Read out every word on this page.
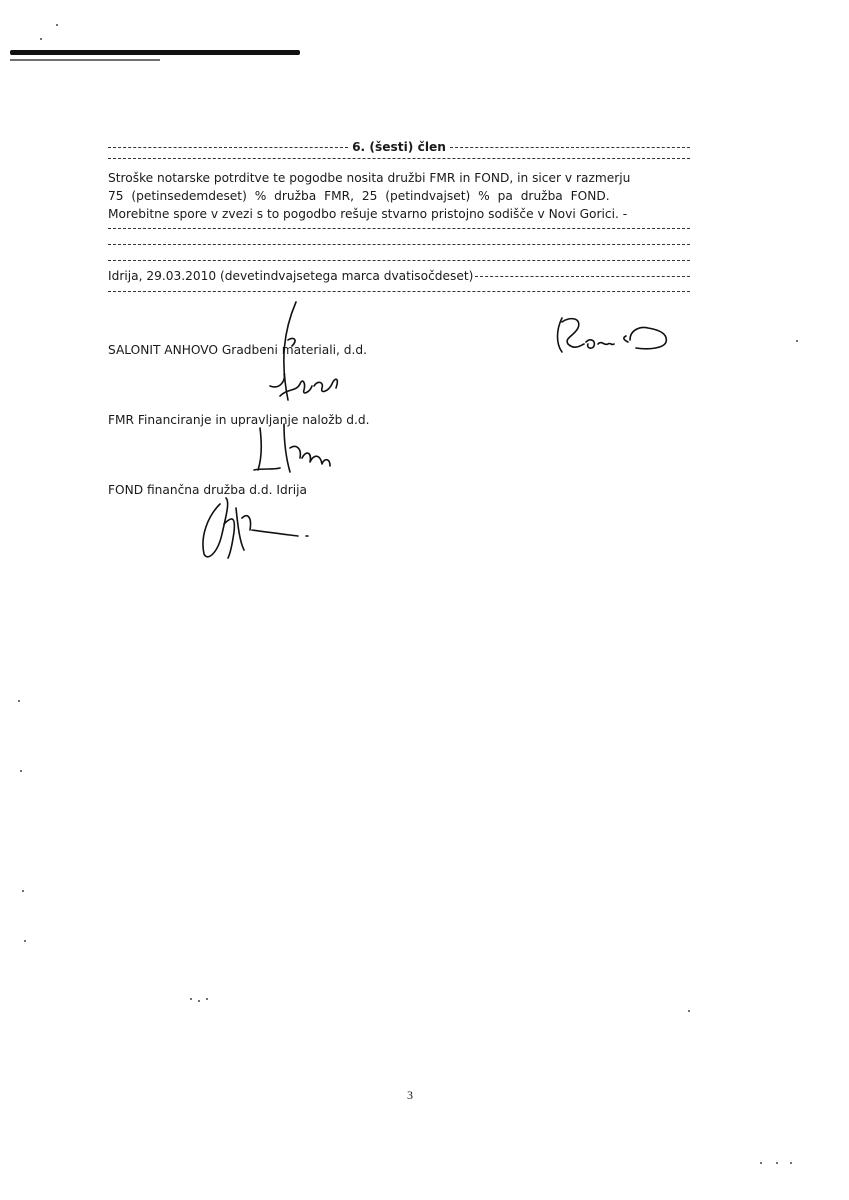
6. (šesti) člen
Stroške notarske potrditve te pogodbe nosita družbi FMR in FOND, in sicer v razmerju
75 (petinsedemdeset) % družba FMR, 25 (petindvajset) % pa družba FOND.
Morebitne spore v zvezi s to pogodbo rešuje stvarno pristojno sodišče v Novi Gorici. -
Idrija, 29.03.2010 (devetindvajsetega marca dvatisočdeset)
SALONIT ANHOVO Gradbeni materiali, d.d.
FMR Financiranje in upravljanje naložb d.d.
FOND finančna družba d.d. Idrija
3
